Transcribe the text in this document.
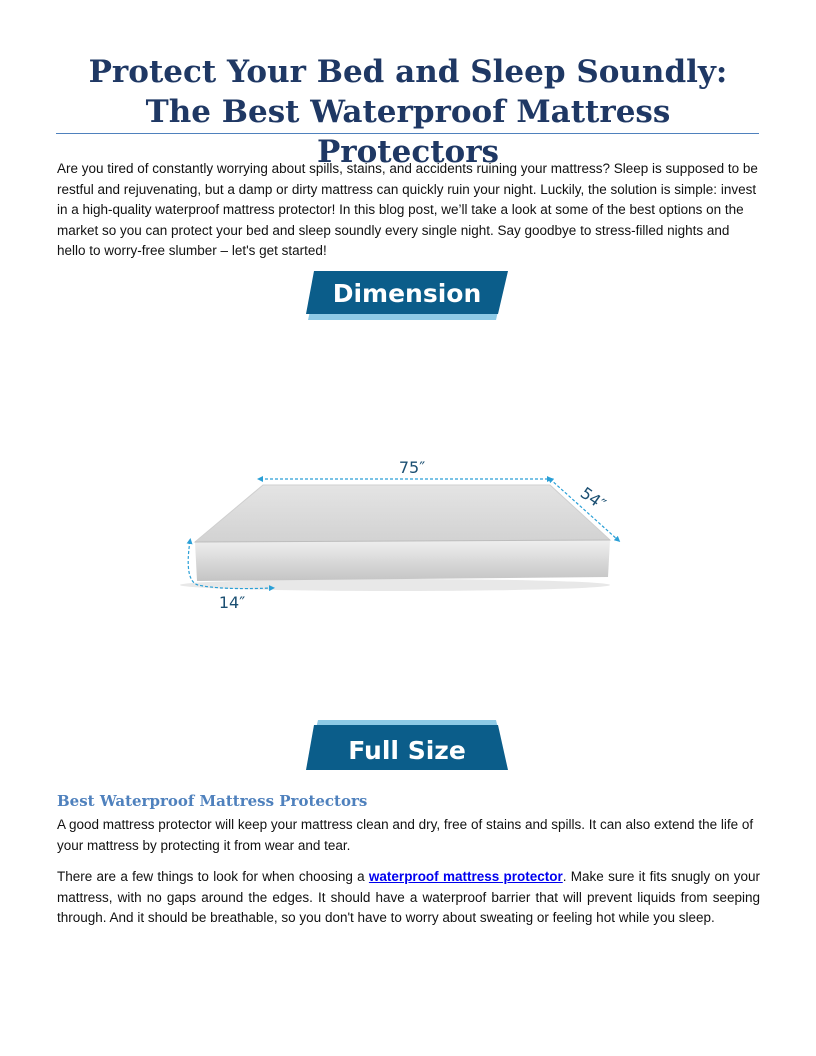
Protect Your Bed and Sleep Soundly: The Best Waterproof Mattress Protectors

Are you tired of constantly worrying about spills, stains, and accidents ruining your mattress? Sleep is supposed to be restful and rejuvenating, but a damp or dirty mattress can quickly ruin your night. Luckily, the solution is simple: invest in a high-quality waterproof mattress protector! In this blog post, we’ll take a look at some of the best options on the market so you can protect your bed and sleep soundly every single night. Say goodbye to stress-filled nights and hello to worry-free slumber – let's get started!

Dimension
75″
54″
14″
Full Size
Best Waterproof Mattress Protectors

A good mattress protector will keep your mattress clean and dry, free of stains and spills. It can also extend the life of your mattress by protecting it from wear and tear.

There are a few things to look for when choosing a waterproof mattress protector. Make sure it fits snugly on your mattress, with no gaps around the edges. It should have a waterproof barrier that will prevent liquids from seeping through. And it should be breathable, so you don't have to worry about sweating or feeling hot while you sleep.
